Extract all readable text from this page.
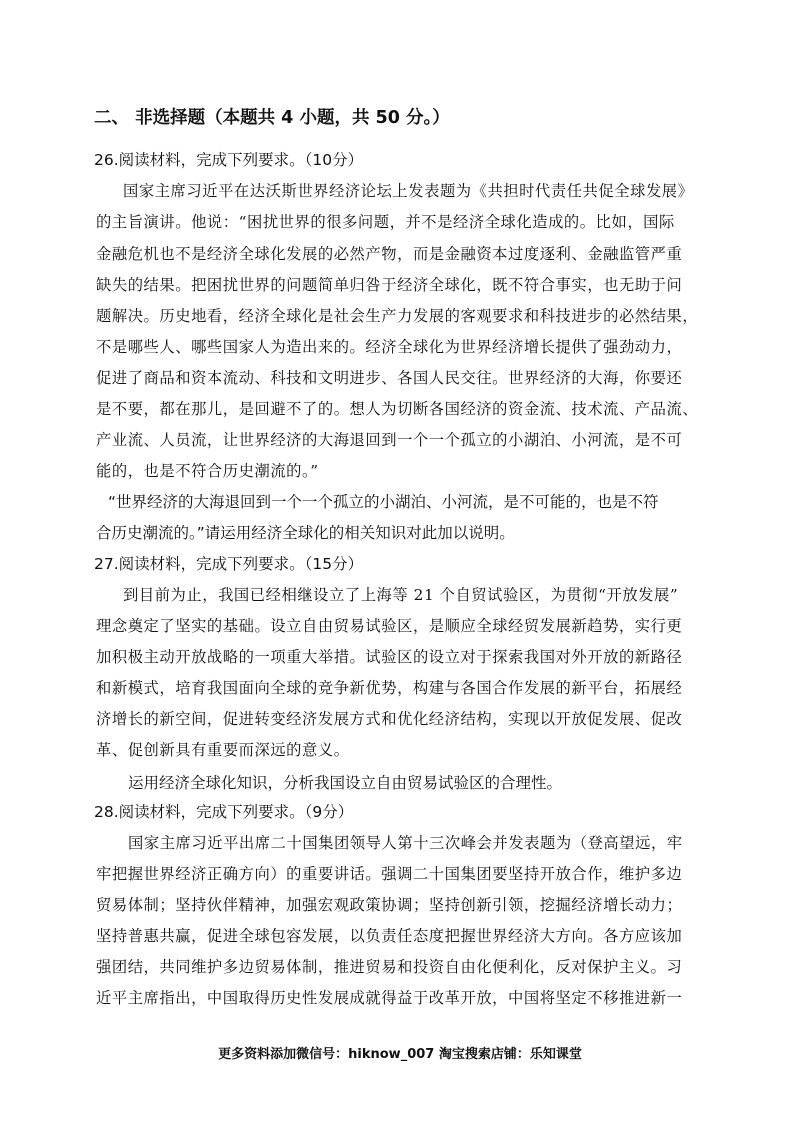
二、 非选择题（本题共 4 小题，共 50 分。）
26.阅读材料，完成下列要求。（10分）
国家主席习近平在达沃斯世界经济论坛上发表题为《共担时代责任共促全球发展》
的主旨演讲。他说：“困扰世界的很多问题，并不是经济全球化造成的。比如，国际
金融危机也不是经济全球化发展的必然产物，而是金融资本过度逐利、金融监管严重
缺失的结果。把困扰世界的问题简单归咎于经济全球化，既不符合事实，也无助于问
题解决。历史地看，经济全球化是社会生产力发展的客观要求和科技进步的必然结果，
不是哪些人、哪些国家人为造出来的。经济全球化为世界经济增长提供了强劲动力，
促进了商品和资本流动、科技和文明进步、各国人民交往。世界经济的大海，你要还
是不要，都在那儿，是回避不了的。想人为切断各国经济的资金流、技术流、产品流、
产业流、人员流，让世界经济的大海退回到一个一个孤立的小湖泊、小河流，是不可
能的，也是不符合历史潮流的。”
“世界经济的大海退回到一个一个孤立的小湖泊、小河流，是不可能的，也是不符
合历史潮流的。”请运用经济全球化的相关知识对此加以说明。
27.阅读材料，完成下列要求。（15分）
到目前为止，我国已经相继设立了上海等 21 个自贸试验区，为贯彻“开放发展”
理念奠定了坚实的基础。设立自由贸易试验区，是顺应全球经贸发展新趋势，实行更
加积极主动开放战略的一项重大举措。试验区的设立对于探索我国对外开放的新路径
和新模式，培育我国面向全球的竞争新优势，构建与各国合作发展的新平台，拓展经
济增长的新空间，促进转变经济发展方式和优化经济结构，实现以开放促发展、促改
革、促创新具有重要而深远的意义。
运用经济全球化知识，分析我国设立自由贸易试验区的合理性。
28.阅读材料，完成下列要求。（9分）
国家主席习近平出席二十国集团领导人第十三次峰会并发表题为（登高望远，牢
牢把握世界经济正确方向）的重要讲话。强调二十国集团要坚持开放合作，维护多边
贸易体制；坚持伙伴精神，加强宏观政策协调；坚持创新引领，挖掘经济增长动力；
坚持普惠共赢，促进全球包容发展，以负责任态度把握世界经济大方向。各方应该加
强团结，共同维护多边贸易体制，推进贸易和投资自由化便利化，反对保护主义。习
近平主席指出，中国取得历史性发展成就得益于改革开放，中国将坚定不移推进新一
更多资料添加微信号：hiknow_007 淘宝搜索店铺：乐知课堂
